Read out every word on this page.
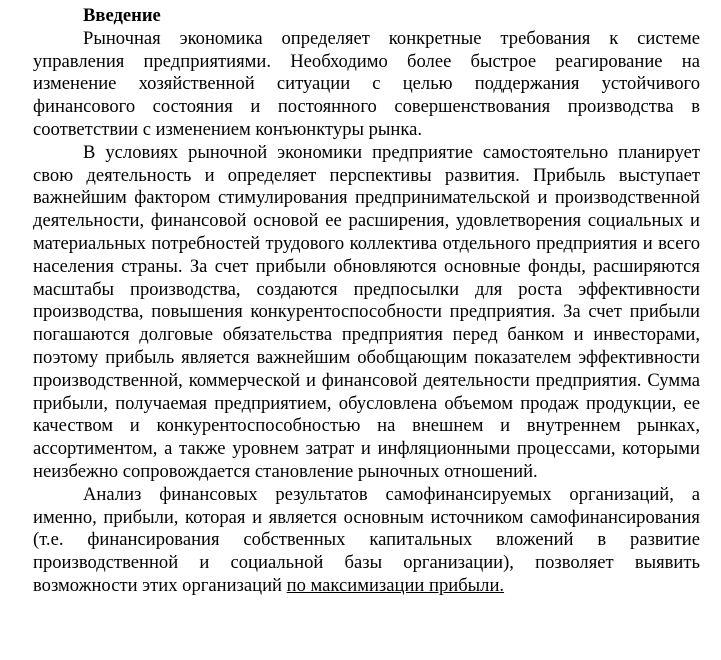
Введение

Рыночная экономика определяет конкретные требования к системе управления предприятиями. Необходимо более быстрое реагирование на изменение хозяйственной ситуации с целью поддержания устойчивого финансового состояния и постоянного совершенствования производства в соответствии с изменением конъюнктуры рынка.

В условиях рыночной экономики предприятие самостоятельно планирует свою деятельность и определяет перспективы развития. Прибыль выступает важнейшим фактором стимулирования предпринимательской и производственной деятельности, финансовой основой ее расширения, удовлетворения социальных и материальных потребностей трудового коллектива отдельного предприятия и всего населения страны. За счет прибыли обновляются основные фонды, расширяются масштабы производства, создаются предпосылки для роста эффективности производства, повышения конкурентоспособности предприятия. За счет прибыли погашаются долговые обязательства предприятия перед банком и инвесторами, поэтому прибыль является важнейшим обобщающим показателем эффективности производственной, коммерческой и финансовой деятельности предприятия. Сумма прибыли, получаемая предприятием, обусловлена объемом продаж продукции, ее качеством и конкурентоспособностью на внешнем и внутреннем рынках, ассортиментом, а также уровнем затрат и инфляционными процессами, которыми неизбежно сопровождается становление рыночных отношений.

Анализ финансовых результатов самофинансируемых организаций, а именно, прибыли, которая и является основным источником самофинансирования (т.е. финансирования собственных капитальных вложений в развитие производственной и социальной базы организации), позволяет выявить возможности этих организаций по максимизации прибыли.
